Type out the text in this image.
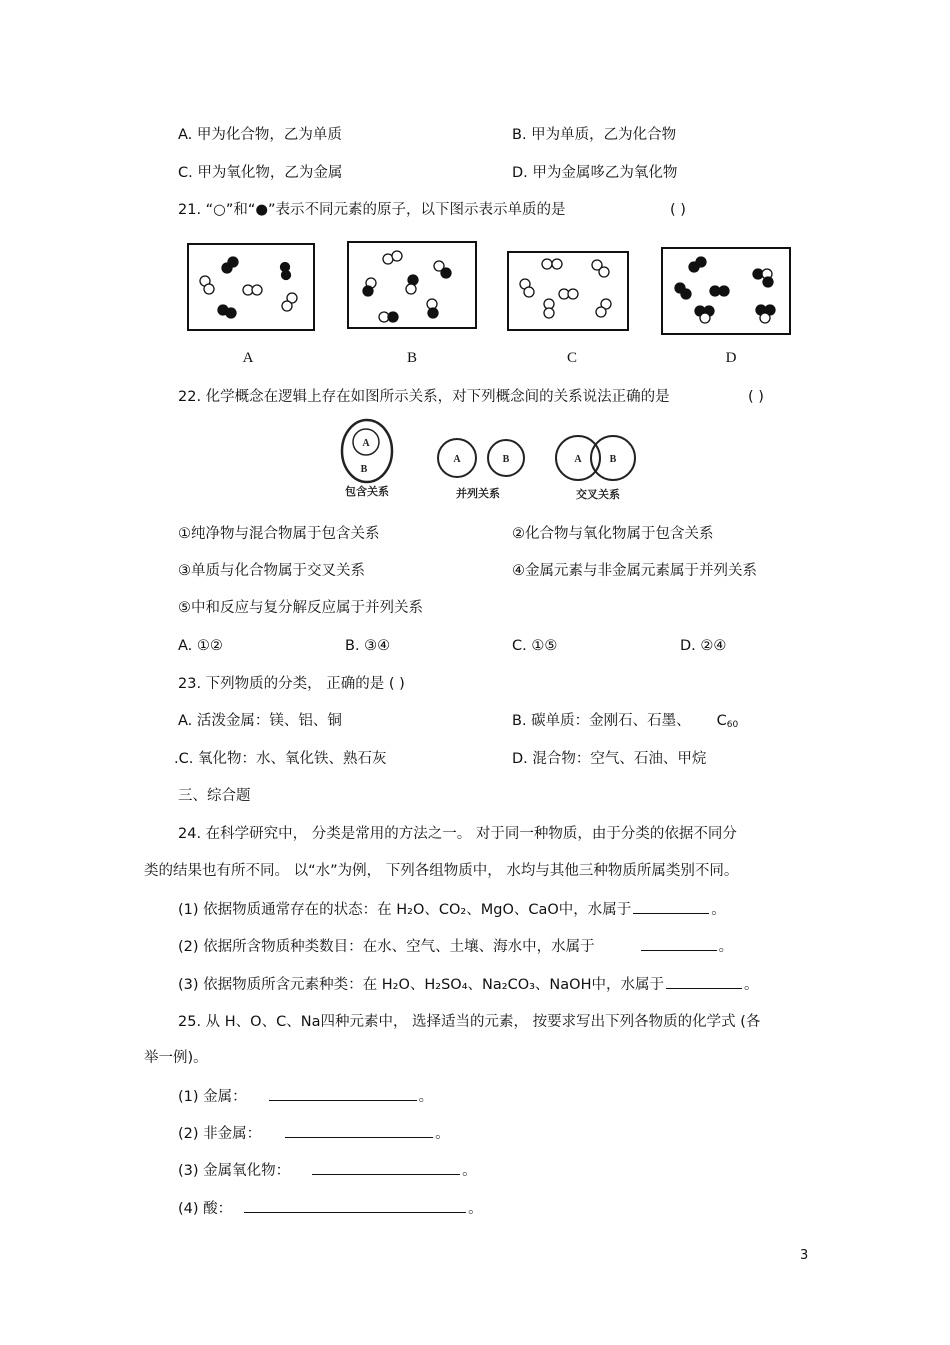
A. 甲为化合物，乙为单质	B. 甲为单质，乙为化合物
C. 甲为氧化物，乙为金属	D. 甲为金属哆乙为氧化物
21. “○”和“●”表示不同元素的原子，以下图示表示单质的是	( )
A	B	C	D
22. 化学概念在逻辑上存在如图所示关系，对下列概念间的关系说法正确的是	( )
A
B
A	B	A	B
包含关系	并列关系	交叉关系
①纯净物与混合物属于包含关系	②化合物与氧化物属于包含关系
③单质与化合物属于交叉关系	④金属元素与非金属元素属于并列关系
⑤中和反应与复分解反应属于并列关系
A. ①②	B. ③④	C. ①⑤	D. ②④
23. 下列物质的分类， 正确的是 ( )
A. 活泼金属：镁、铝、铜	B. 碳单质：金刚石、石墨、 $C_{60}$
.C. 氧化物：水、氧化铁、熟石灰	D. 混合物：空气、石油、甲烷
三、综合题
24. 在科学研究中， 分类是常用的方法之一。 对于同一种物质，由于分类的依据不同分
类的结果也有所不同。 以“水”为例， 下列各组物质中， 水均与其他三种物质所属类别不同。
(1) 依据物质通常存在的状态：在 H₂O、CO₂、MgO、CaO中，水属于	。
(2) 依据所含物质种类数目：在水、空气、土壤、海水中，水属于	。
(3) 依据物质所含元素种类：在 H₂O、H₂SO₄、Na₂CO₃、NaOH中，水属于	。
25. 从 H、O、C、Na四种元素中， 选择适当的元素， 按要求写出下列各物质的化学式 (各
举一例)。
(1) 金属：	。
(2) 非金属：	。
(3) 金属氧化物：	。
(4) 酸：	。
3
